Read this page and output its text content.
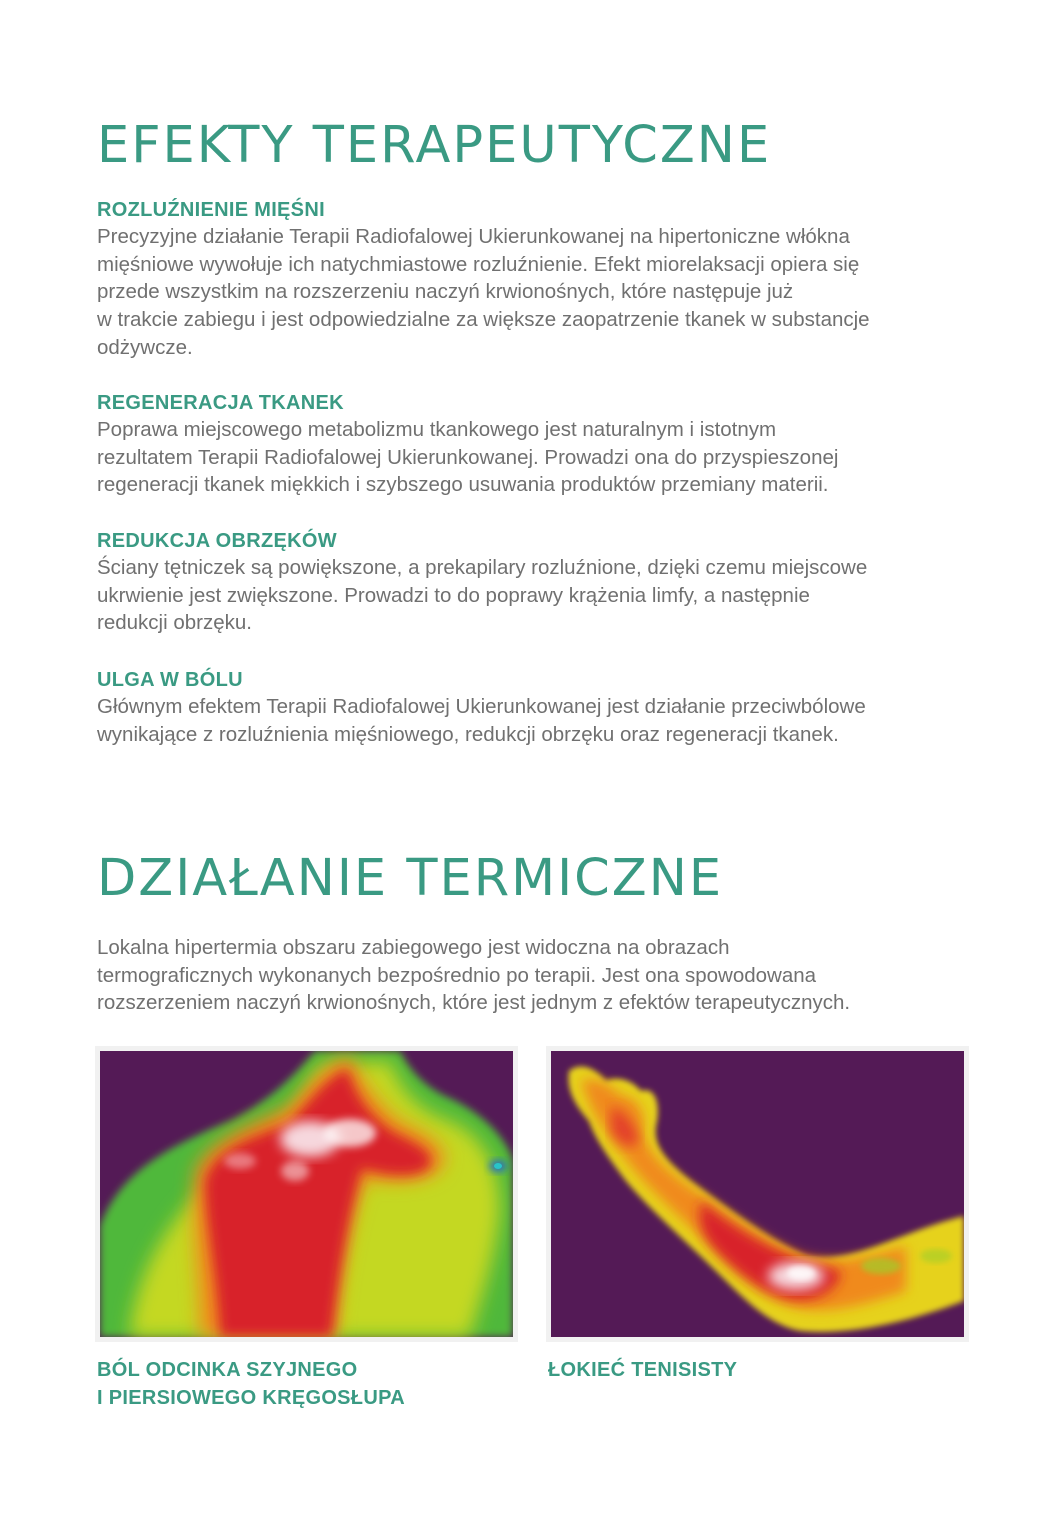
EFEKTY TERAPEUTYCZNE
ROZLUŹNIENIE MIĘŚNI

Precyzyjne działanie Terapii Radiofalowej Ukierunkowanej na hipertoniczne włókna
mięśniowe wywołuje ich natychmiastowe rozluźnienie. Efekt miorelaksacji opiera się
przede wszystkim na rozszerzeniu naczyń krwionośnych, które następuje już
w trakcie zabiegu i jest odpowiedzialne za większe zaopatrzenie tkanek w substancje
odżywcze.

REGENERACJA TKANEK

Poprawa miejscowego metabolizmu tkankowego jest naturalnym i istotnym
rezultatem Terapii Radiofalowej Ukierunkowanej. Prowadzi ona do przyspieszonej
regeneracji tkanek miękkich i szybszego usuwania produktów przemiany materii.

REDUKCJA OBRZĘKÓW

Ściany tętniczek są powiększone, a prekapilary rozluźnione, dzięki czemu miejscowe
ukrwienie jest zwiększone. Prowadzi to do poprawy krążenia limfy, a następnie
redukcji obrzęku.

ULGA W BÓLU

Głównym efektem Terapii Radiofalowej Ukierunkowanej jest działanie przeciwbólowe
wynikające z rozluźnienia mięśniowego, redukcji obrzęku oraz regeneracji tkanek.

DZIAŁANIE TERMICZNE

Lokalna hipertermia obszaru zabiegowego jest widoczna na obrazach
termograficznych wykonanych bezpośrednio po terapii. Jest ona spowodowana
rozszerzeniem naczyń krwionośnych, które jest jednym z efektów terapeutycznych.

BÓL ODCINKA SZYJNEGO
I PIERSIOWEGO KRĘGOSŁUPA

ŁOKIEĆ TENISISTY
